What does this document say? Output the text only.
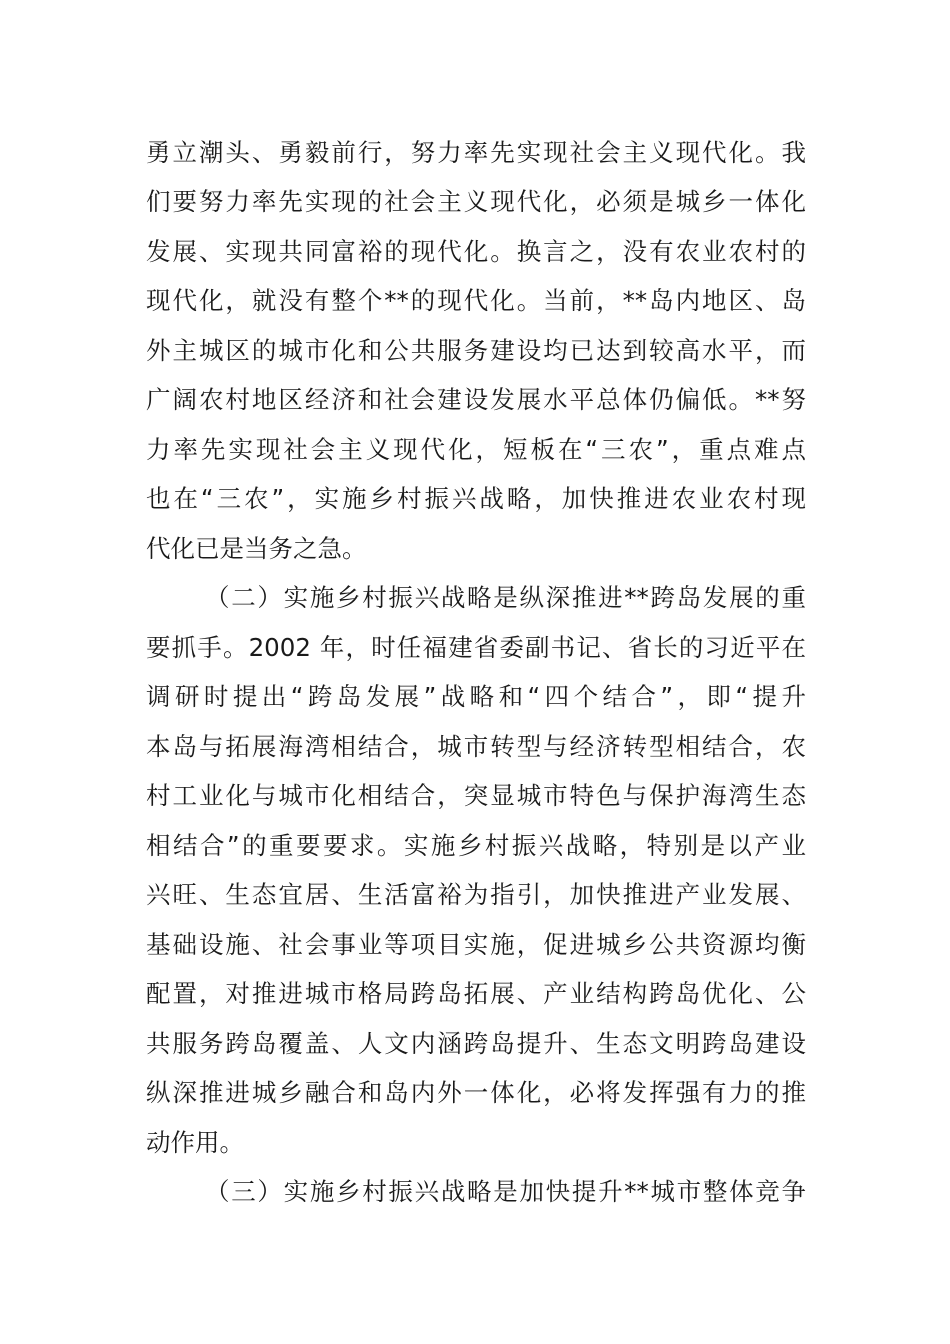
勇立潮头、勇毅前行，努力率先实现社会主义现代化。我
们要努力率先实现的社会主义现代化，必须是城乡一体化
发展、实现共同富裕的现代化。换言之，没有农业农村的
现代化，就没有整个**的现代化。当前，**岛内地区、岛
外主城区的城市化和公共服务建设均已达到较高水平，而
广阔农村地区经济和社会建设发展水平总体仍偏低。**努
力率先实现社会主义现代化，短板在“三农”，重点难点
也在“三农”，实施乡村振兴战略，加快推进农业农村现
代化已是当务之急。
（二）实施乡村振兴战略是纵深推进**跨岛发展的重
要抓手。2002 年，时任福建省委副书记、省长的习近平在
调研时提出“跨岛发展”战略和“四个结合”，即“提升
本岛与拓展海湾相结合，城市转型与经济转型相结合，农
村工业化与城市化相结合，突显城市特色与保护海湾生态
相结合”的重要要求。实施乡村振兴战略，特别是以产业
兴旺、生态宜居、生活富裕为指引，加快推进产业发展、
基础设施、社会事业等项目实施，促进城乡公共资源均衡
配置，对推进城市格局跨岛拓展、产业结构跨岛优化、公
共服务跨岛覆盖、人文内涵跨岛提升、生态文明跨岛建设
纵深推进城乡融合和岛内外一体化，必将发挥强有力的推
动作用。
（三）实施乡村振兴战略是加快提升**城市整体竞争
